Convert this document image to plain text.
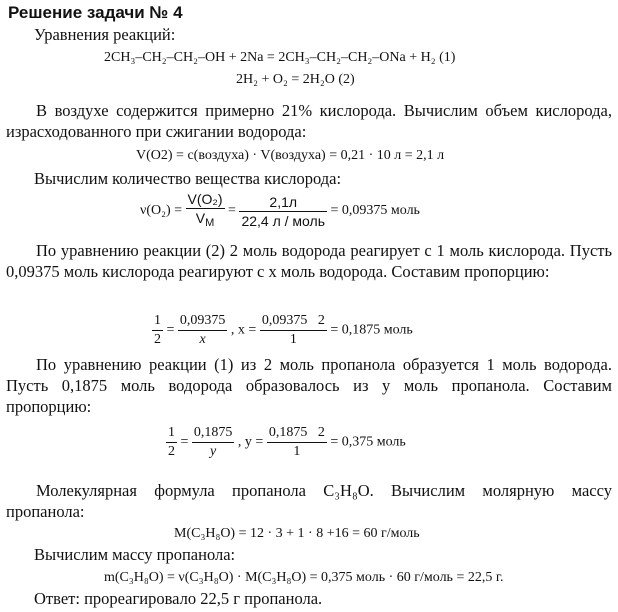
Решение задачи № 4
Уравнения реакций:
2CH₃–CH₂–CH₂–OH + 2Na = 2CH₃–CH₂–CH₂–ONa + H₂ (1)
2H₂ + O₂ = 2H₂O (2)
В воздухе содержится примерно 21% кислорода. Вычислим объем кислорода, израсходованного при сжигании водорода:
V(O2) = c(воздуха) · V(воздуха) = 0,21 · 10 л = 2,1 л
Вычислим количество вещества кислорода:
$\nu(O_2) = \frac{\text{V(O₂)}}{V_M} = \frac{2,1л}{\text{22,4 л / моль}} = 0,09375$ моль
По уравнению реакции (2) 2 моль водорода реагирует с 1 моль кислорода. Пусть 0,09375 моль кислорода реагируют с x моль водорода. Составим пропорцию:
$\frac{1}{2} = \frac{0,09375}{x}$ , $x = \frac{0,09375 2}{1} = 0,1875$ моль
По уравнению реакции (1) из 2 моль пропанола образуется 1 моль водорода. Пусть 0,1875 моль водорода образовалось из y моль пропанола. Составим пропорцию:
$\frac{1}{2} = \frac{0,1875}{y}$ , $y = \frac{0,1875 2}{1} = 0,375$ моль
Молекулярная формула пропанола C₃H₈O. Вычислим молярную массу пропанола:
M(C₃H₈O) = 12 · 3 + 1 · 8 +16 = 60 г/моль
Вычислим массу пропанола:
m(C₃H₈O) = ν(C₃H₈O) · M(C₃H₈O) = 0,375 моль · 60 г/моль = 22,5 г.
Ответ: прореагировало 22,5 г пропанола.
